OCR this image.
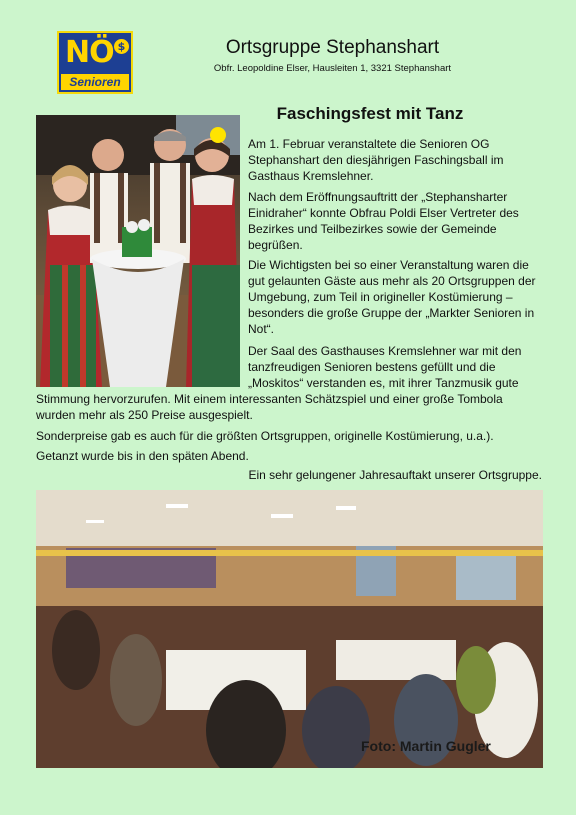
NÖ $
Senioren
Ortsgruppe Stephanshart
Obfr. Leopoldine Elser, Hausleiten 1, 3321 Stephanshart
Faschingsfest mit Tanz

Am 1. Februar veranstaltete die Senioren OG Stephanshart den diesjährigen Faschingsball im Gasthaus Kremslehner.

Nach dem Eröffnungsauftritt der „Stephansharter Einidraher“ konnte Obfrau Poldi Elser Vertreter des Bezirkes und Teilbezirkes sowie der Gemeinde begrüßen.

Die Wichtigsten bei so einer Veranstaltung waren die gut gelaunten Gäste aus mehr als 20 Ortsgruppen der Umgebung, zum Teil in origineller Kostümierung – besonders die große Gruppe der „Markter Senioren in Not“.

Der Saal des Gasthauses Kremslehner war mit den tanzfreudigen Senioren bestens gefüllt und die „Moskitos“ verstanden es, mit ihrer Tanzmusik gute

Stimmung hervorzurufen. Mit einem interessanten Schätzspiel und einer große Tombola wurden mehr als 250 Preise ausgespielt.

Sonderpreise gab es auch für die größten Ortsgruppen, originelle Kostümierung, u.a.).

Getanzt wurde bis in den späten Abend.

Ein sehr gelungener Jahresauftakt unserer Ortsgruppe.

Foto: Martin Gugler
